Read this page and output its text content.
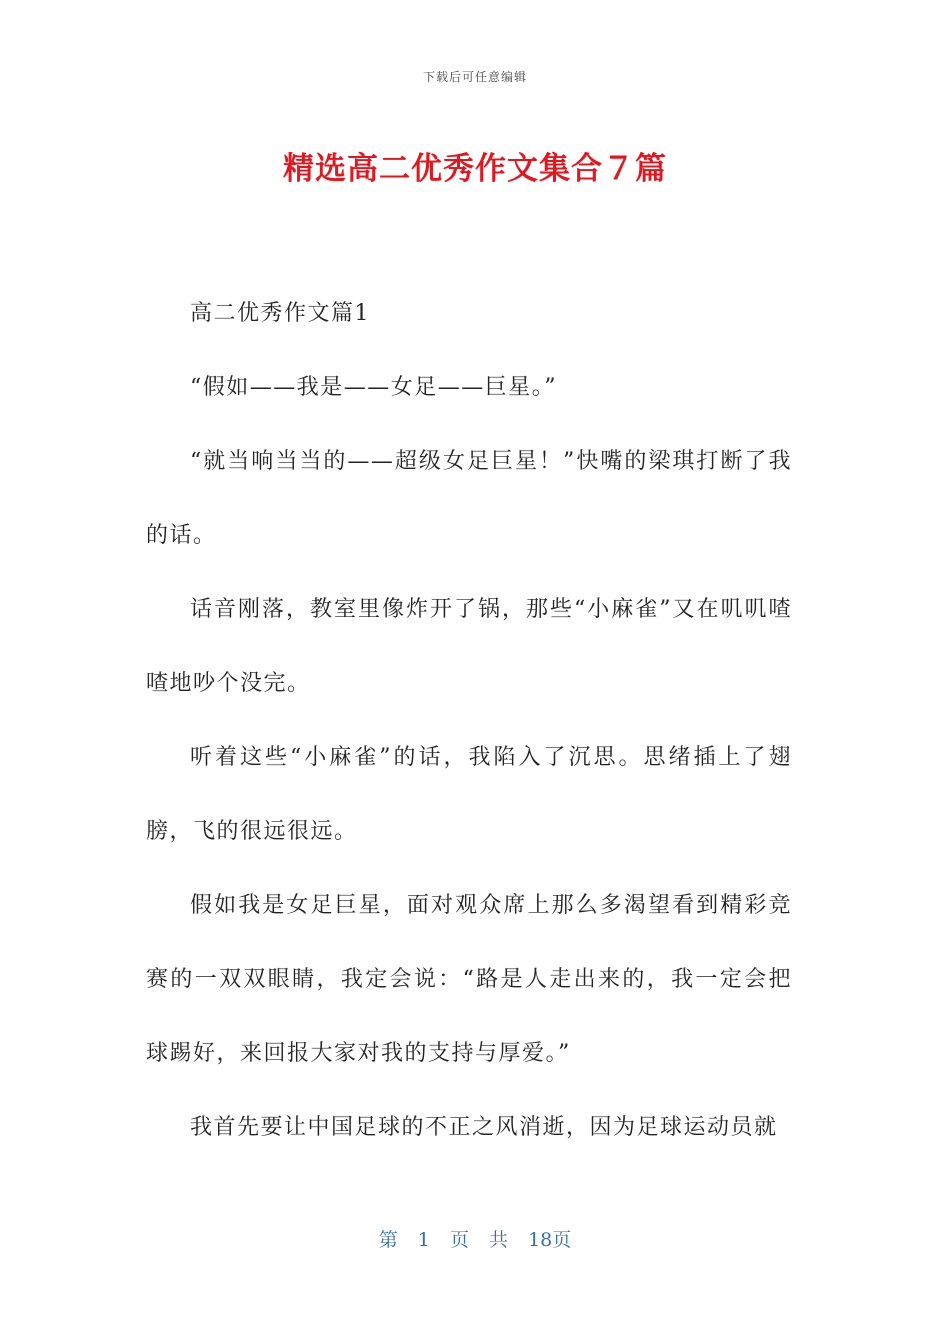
下载后可任意编辑
精选高二优秀作文集合７篇

高二优秀作文篇1

“假如——我是——女足——巨星。”

“就当响当当的——超级女足巨星！”快嘴的梁琪打断了我的话。

话音刚落，教室里像炸开了锅，那些“小麻雀”又在叽叽喳喳地吵个没完。

听着这些“小麻雀”的话，我陷入了沉思。思绪插上了翅膀，飞的很远很远。

假如我是女足巨星，面对观众席上那么多渴望看到精彩竞赛的一双双眼睛，我定会说：“路是人走出来的，我一定会把球踢好，来回报大家对我的支持与厚爱。”

我首先要让中国足球的不正之风消逝，因为足球运动员就

第 1 页 共 18页
